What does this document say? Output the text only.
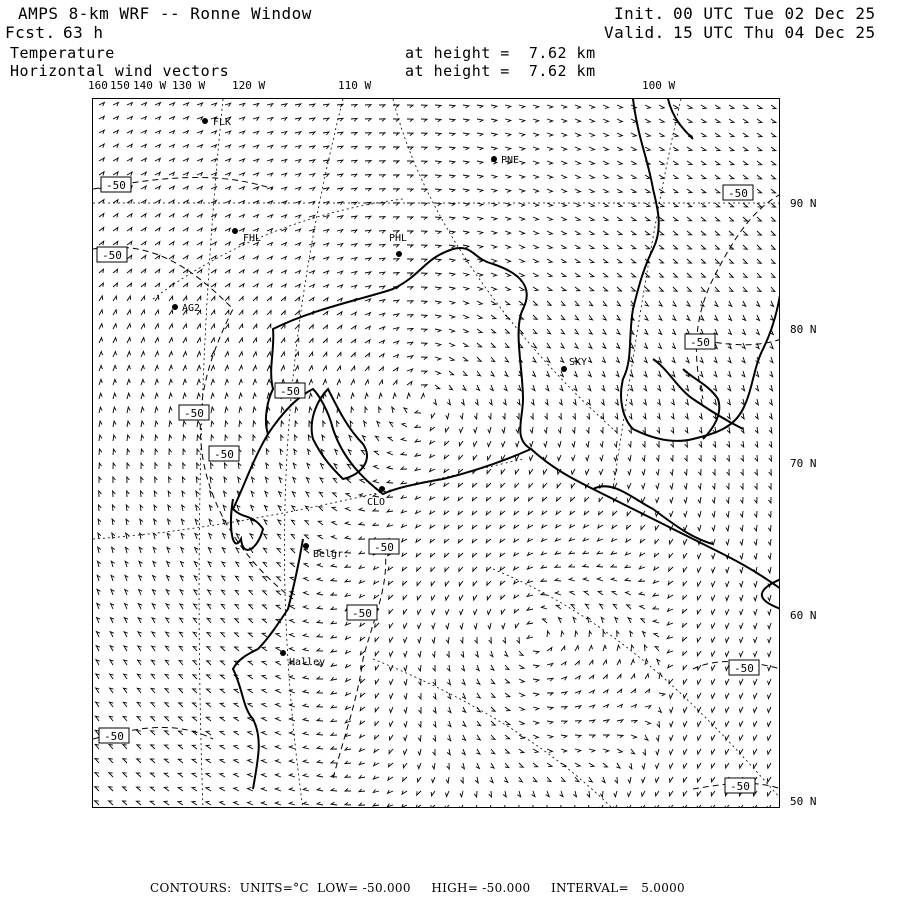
AMPS 8-km WRF -- Ronne Window
Fcst. 63 h
Temperature
Horizontal wind vectors
Init. 00 UTC Tue 02 Dec 25
Valid. 15 UTC Thu 04 Dec 25
at height =  7.62 km
at height =  7.62 km
160 150 140 W 130 W 120 W	110 W	100 W
90 N
80 N
70 N
60 N
50 N
FLK
PNE
FHL	PHL
AG2
SKY
CLO
Belgr.
Halley
-50
-50
-50
-50
-50
-50
-50
-50
-50
-50
-50
-50
CONTOURS:  UNITS=°C  LOW= -50.000     HIGH= -50.000     INTERVAL=   5.0000
